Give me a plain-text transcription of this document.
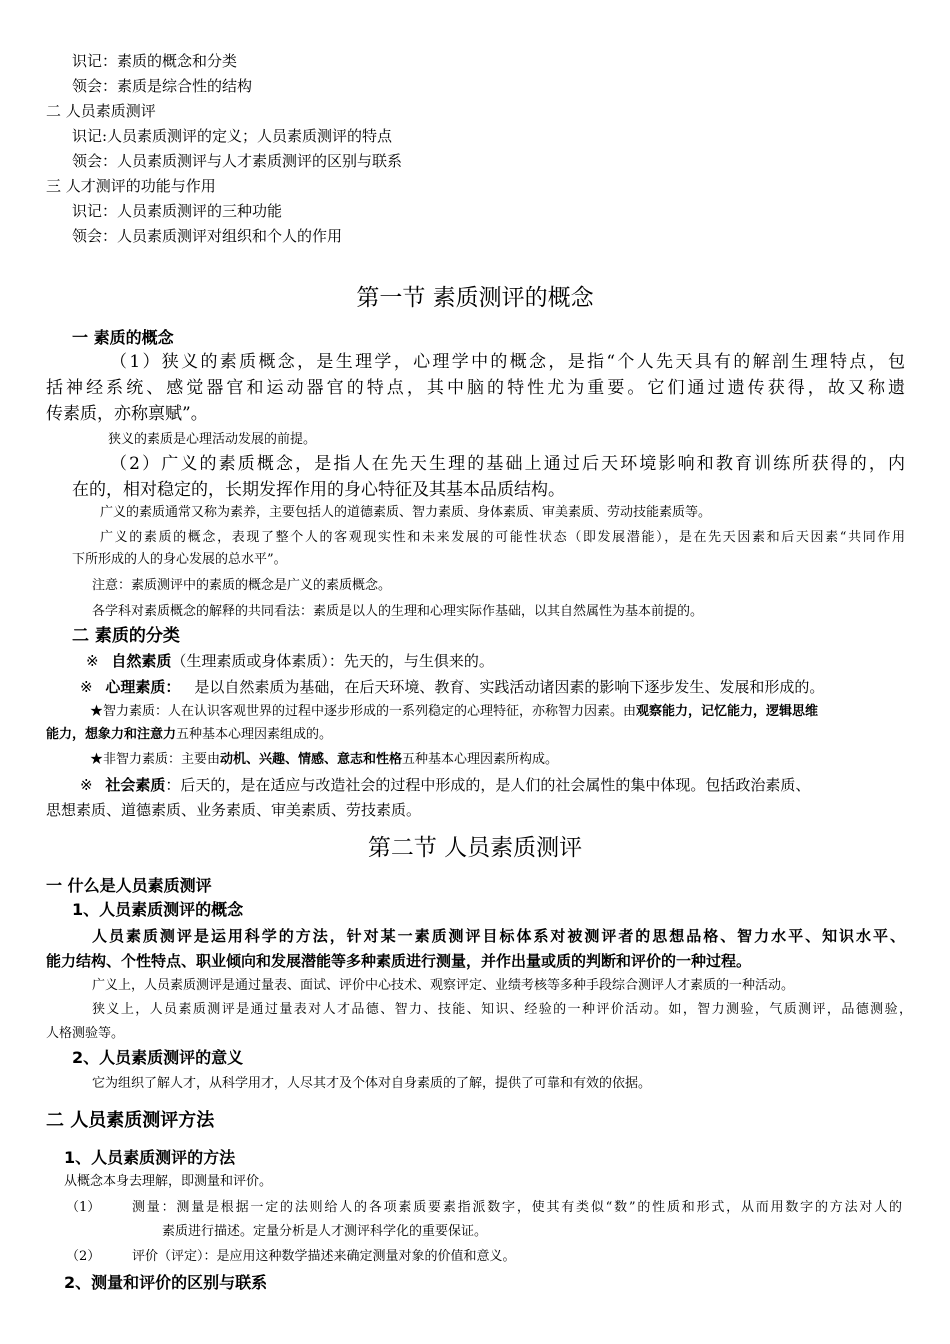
识记：素质的概念和分类
领会：素质是综合性的结构
二 人员素质测评
识记:人员素质测评的定义；人员素质测评的特点
领会：人员素质测评与人才素质测评的区别与联系
三 人才测评的功能与作用
识记：人员素质测评的三种功能
领会：人员素质测评对组织和个人的作用
第一节 素质测评的概念
一 素质的概念
（1）狭义的素质概念，是生理学，心理学中的概念，是指“个人先天具有的解剖生理特点，包
括神经系统、感觉器官和运动器官的特点，其中脑的特性尤为重要。它们通过遗传获得，故又称遗
传素质，亦称禀赋”。
狭义的素质是心理活动发展的前提。
（2）广义的素质概念，是指人在先天生理的基础上通过后天环境影响和教育训练所获得的，内
在的，相对稳定的，长期发挥作用的身心特征及其基本品质结构。
广义的素质通常又称为素养，主要包括人的道德素质、智力素质、身体素质、审美素质、劳动技能素质等。
广义的素质的概念，表现了整个人的客观现实性和未来发展的可能性状态（即发展潜能），是在先天因素和后天因素“共同作用
下所形成的人的身心发展的总水平”。
注意：素质测评中的素质的概念是广义的素质概念。
各学科对素质概念的解释的共同看法：素质是以人的生理和心理实际作基础，以其自然属性为基本前提的。
二 素质的分类
※ 自然素质（生理素质或身体素质）：先天的，与生俱来的。
※ 心理素质： 是以自然素质为基础，在后天环境、教育、实践活动诸因素的影响下逐步发生、发展和形成的。
★智力素质：人在认识客观世界的过程中逐步形成的一系列稳定的心理特征，亦称智力因素。由观察能力，记忆能力，逻辑思维
能力，想象力和注意力五种基本心理因素组成的。
★非智力素质：主要由动机、兴趣、情感、意志和性格五种基本心理因素所构成。
※ 社会素质：后天的，是在适应与改造社会的过程中形成的，是人们的社会属性的集中体现。包括政治素质、
思想素质、道德素质、业务素质、审美素质、劳技素质。
第二节 人员素质测评
一 什么是人员素质测评
1、人员素质测评的概念
人员素质测评是运用科学的方法，针对某一素质测评目标体系对被测评者的思想品格、智力水平、知识水平、
能力结构、个性特点、职业倾向和发展潜能等多种素质进行测量，并作出量或质的判断和评价的一种过程。
广义上，人员素质测评是通过量表、面试、评价中心技术、观察评定、业绩考核等多种手段综合测评人才素质的一种活动。
狭义上，人员素质测评是通过量表对人才品德、智力、技能、知识、经验的一种评价活动。如，智力测验，气质测评，品德测验，
人格测验等。
2、人员素质测评的意义
它为组织了解人才，从科学用才，人尽其才及个体对自身素质的了解，提供了可靠和有效的依据。
二 人员素质测评方法
1、人员素质测评的方法
从概念本身去理解，即测量和评价。
（1） 测量：测量是根据一定的法则给人的各项素质要素指派数字，使其有类似“数”的性质和形式，从而用数字的方法对人的
素质进行描述。定量分析是人才测评科学化的重要保证。
（2） 评价（评定）：是应用这种数学描述来确定测量对象的价值和意义。
2、测量和评价的区别与联系
